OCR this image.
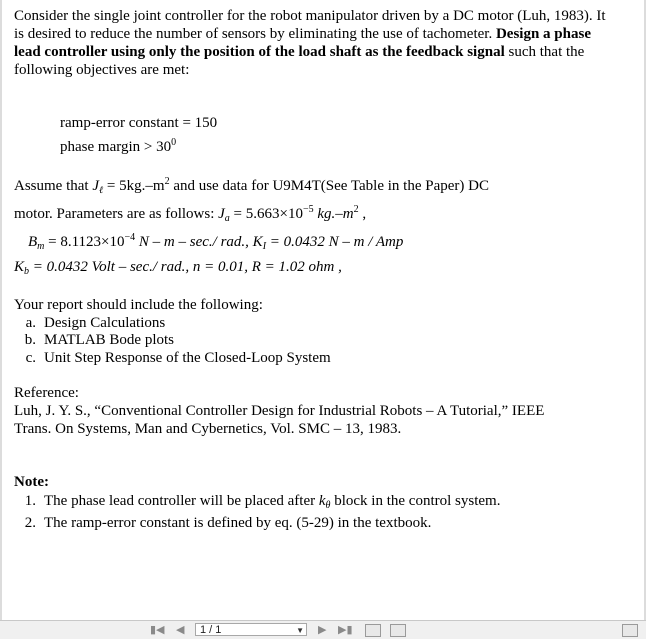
Consider the single joint controller for the robot manipulator driven by a DC motor (Luh, 1983). It is desired to reduce the number of sensors by eliminating the use of tachometer. Design a phase lead controller using only the position of the load shaft as the feedback signal such that the following objectives are met:
ramp-error constant = 150
phase margin > $30^0$
Assume that $J_\ell = 5kg.-m^2$ and use data for U9M4T(See Table in the Paper) DC
motor. Parameters are as follows: $J_a = 5.663\times 10^{-5}$ $kg.-m^2$ ,
$B_m = 8.1123\times 10^{-4}$ N – m – sec./ rad., $K_I = 0.0432$ N – m / Amp
$K_b = 0.0432$ Volt – sec./ rad., n = 0.01, R = 1.02 ohm ,
Your report should include the following:
a. Design Calculations
b. MATLAB Bode plots
c. Unit Step Response of the Closed-Loop System
Reference:
Luh, J. Y. S., “Conventional Controller Design for Industrial Robots – A Tutorial,” IEEE
Trans. On Systems, Man and Cybernetics, Vol. SMC – 13, 1983.
Note:
1. The phase lead controller will be placed after $k_\theta$ block in the control system.
2. The ramp-error constant is defined by eq. (5-29) in the textbook.
▮◀ ◀	1 / 1	▼ ▶ ▶▮
